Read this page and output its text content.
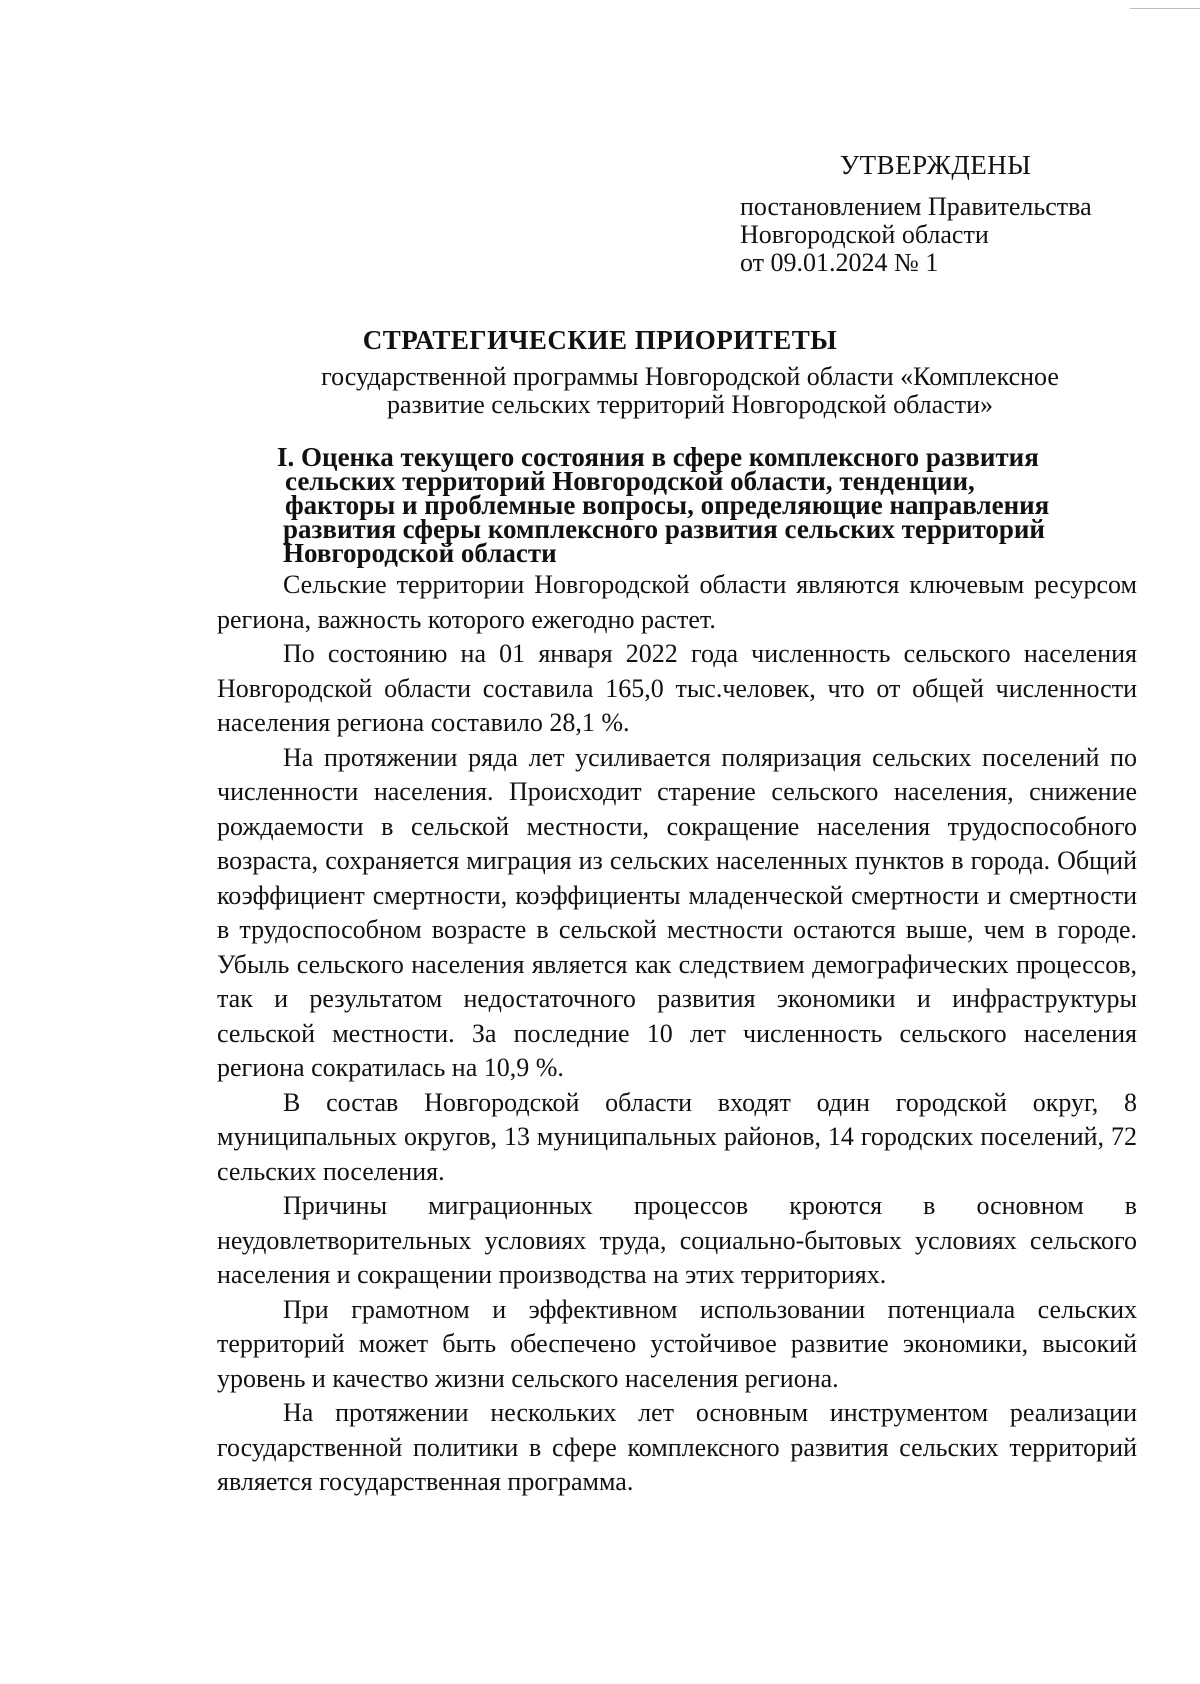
УТВЕРЖДЕНЫ
постановлением Правительства
Новгородской области
от 09.01.2024 № 1
СТРАТЕГИЧЕСКИЕ ПРИОРИТЕТЫ
государственной программы Новгородской области «Комплексное
развитие сельских территорий Новгородской области»
I. Оценка текущего состояния в сфере комплексного развития
сельских территорий Новгородской области, тенденции,
факторы и проблемные вопросы, определяющие направления
развития сферы комплексного развития сельских территорий
Новгородской области

Сельские территории Новгородской области являются ключевым ресурсом региона, важность которого ежегодно растет.

По состоянию на 01 января 2022 года численность сельского населения Новгородской области составила 165,0 тыс.человек, что от общей численности населения региона составило 28,1 %.

На протяжении ряда лет усиливается поляризация сельских поселений по численности населения. Происходит старение сельского населения, снижение рождаемости в сельской местности, сокращение населения трудоспособного возраста, сохраняется миграция из сельских населенных пунктов в города. Общий коэффициент смертности, коэффициенты младенческой смертности и смертности в трудоспособном возрасте в сельской местности остаются выше, чем в городе. Убыль сельского населения является как следствием демографических процессов, так и результатом недостаточного развития экономики и инфраструктуры сельской местности. За последние 10 лет численность сельского населения региона сократилась на 10,9 %.

В состав Новгородской области входят один городской округ, 8 муниципальных округов, 13 муниципальных районов, 14 городских поселений, 72 сельских поселения.

Причины миграционных процессов кроются в основном в неудовлетворительных условиях труда, социально-бытовых условиях сельского населения и сокращении производства на этих территориях.

При грамотном и эффективном использовании потенциала сельских территорий может быть обеспечено устойчивое развитие экономики, высокий уровень и качество жизни сельского населения региона.

На протяжении нескольких лет основным инструментом реализации государственной политики в сфере комплексного развития сельских территорий является государственная программа.
